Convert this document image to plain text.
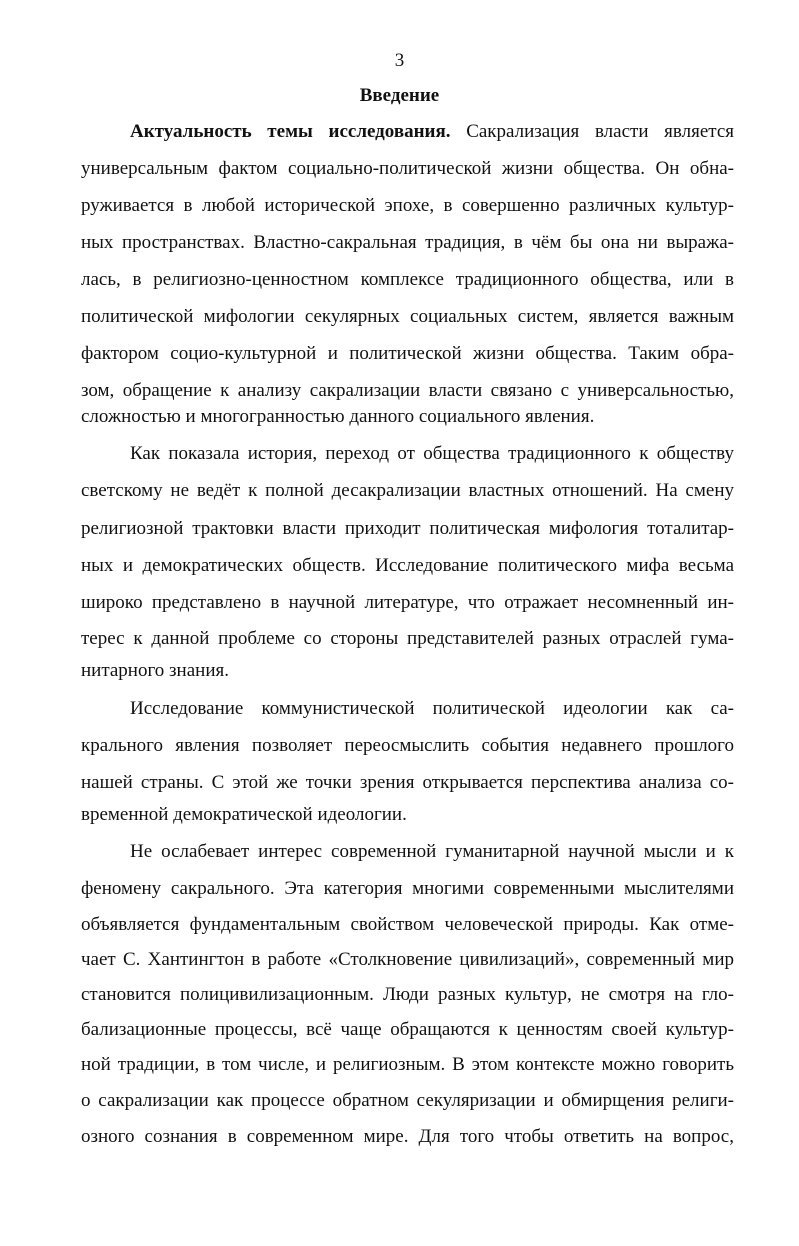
3
Введение
Актуальность темы исследования. Сакрализация власти является
универсальным фактом социально-политической жизни общества. Он обна-
руживается в любой исторической эпохе, в совершенно различных культур-
ных пространствах. Властно-сакральная традиция, в чём бы она ни выража-
лась, в религиозно-ценностном комплексе традиционного общества, или в
политической мифологии секулярных социальных систем, является важным
фактором социо-культурной и политической жизни общества. Таким обра-
зом, обращение к анализу сакрализации власти связано с универсальностью,
сложностью и многогранностью данного социального явления.
Как показала история, переход от общества традиционного к обществу
светскому не ведёт к полной десакрализации властных отношений. На смену
религиозной трактовки власти приходит политическая мифология тоталитар-
ных и демократических обществ. Исследование политического мифа весьма
широко представлено в научной литературе, что отражает несомненный ин-
терес к данной проблеме со стороны представителей разных отраслей гума-
нитарного знания.
Исследование коммунистической политической идеологии как са-
крального явления позволяет переосмыслить события недавнего прошлого
нашей страны. С этой же точки зрения открывается перспектива анализа со-
временной демократической идеологии.
Не ослабевает интерес современной гуманитарной научной мысли и к
феномену сакрального. Эта категория многими современными мыслителями
объявляется фундаментальным свойством человеческой природы. Как отме-
чает С. Хантингтон в работе «Столкновение цивилизаций», современный мир
становится полицивилизационным. Люди разных культур, не смотря на гло-
бализационные процессы, всё чаще обращаются к ценностям своей культур-
ной традиции, в том числе, и религиозным. В этом контексте можно говорить
о сакрализации как процессе обратном секуляризации и обмирщения религи-
озного сознания в современном мире. Для того чтобы ответить на вопрос,
